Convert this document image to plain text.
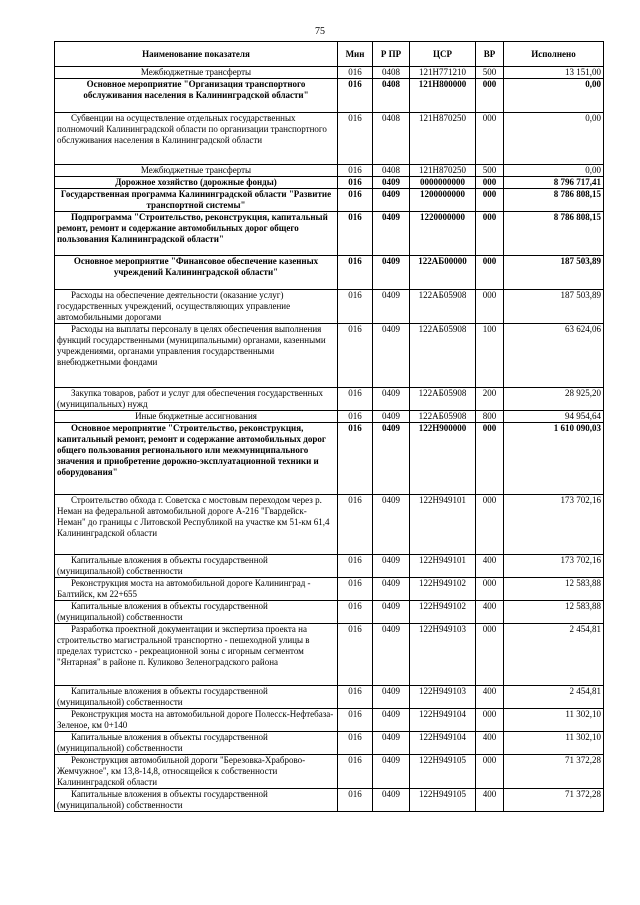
75
Наименование показателя	Мин	Р ПР	ЦСР	ВР	Исполнено
Межбюджетные трансферты	016	0408	121Н771210	500	13 151,00
Основное мероприятие "Организация транспортного обслуживания населения в Калининградской области"	016	0408	121Н800000	000	0,00
Субвенции на осуществление отдельных государственных полномочий Калининградской области по организации транспортного обслуживания населения в Калининградской области	016	0408	121Н870250	000	0,00
Межбюджетные трансферты	016	0408	121Н870250	500	0,00
Дорожное хозяйство (дорожные фонды)	016	0409	0000000000	000	8 796 717,41
Государственная программа Калининградской области "Развитие транспортной системы"	016	0409	1200000000	000	8 786 808,15
Подпрограмма "Строительство, реконструкция, капитальный ремонт, ремонт и содержание автомобильных дорог общего пользования Калининградской области"	016	0409	1220000000	000	8 786 808,15
Основное мероприятие "Финансовое обеспечение казенных учреждений Калининградской области"	016	0409	122АБ00000	000	187 503,89
Расходы на обеспечение деятельности (оказание услуг) государственных учреждений, осуществляющих управление автомобильными дорогами	016	0409	122АБ05908	000	187 503,89
Расходы на выплаты персоналу в целях обеспечения выполнения функций государственными (муниципальными) органами, казенными учреждениями, органами управления государственными внебюджетными фондами	016	0409	122АБ05908	100	63 624,06
Закупка товаров, работ и услуг для обеспечения государственных (муниципальных) нужд	016	0409	122АБ05908	200	28 925,20
Иные бюджетные ассигнования	016	0409	122АБ05908	800	94 954,64
Основное мероприятие "Строительство, реконструкция, капитальный ремонт, ремонт и содержание автомобильных дорог общего пользования регионального или межмуниципального значения и приобретение дорожно-эксплуатационной техники и оборудования"	016	0409	122Н900000	000	1 610 090,03
Строительство обхода г. Советска с мостовым переходом через р. Неман на федеральной автомобильной дороге А-216 "Гвардейск-Неман" до границы с Литовской Республикой на участке км 51-км 61,4 Калининградской области	016	0409	122Н949101	000	173 702,16
Капитальные вложения в объекты государственной (муниципальной) собственности	016	0409	122Н949101	400	173 702,16
Реконструкция моста на автомобильной дороге Калининград - Балтийск, км 22+655	016	0409	122Н949102	000	12 583,88
Капитальные вложения в объекты государственной (муниципальной) собственности	016	0409	122Н949102	400	12 583,88
Разработка проектной документации и экспертиза проекта на строительство магистральной транспортно - пешеходной улицы в пределах туристско - рекреационной зоны с игорным сегментом "Янтарная" в районе п. Куликово Зеленоградского района	016	0409	122Н949103	000	2 454,81
Капитальные вложения в объекты государственной (муниципальной) собственности	016	0409	122Н949103	400	2 454,81
Реконструкция моста на автомобильной дороге Полесск-Нефтебаза-Зеленое, км 0+140	016	0409	122Н949104	000	11 302,10
Капитальные вложения в объекты государственной (муниципальной) собственности	016	0409	122Н949104	400	11 302,10
Реконструкция автомобильной дороги "Березовка-Храброво-Жемчужное", км 13,8-14,8, относящейся к собственности Калининградской области	016	0409	122Н949105	000	71 372,28
Капитальные вложения в объекты государственной (муниципальной) собственности	016	0409	122Н949105	400	71 372,28
